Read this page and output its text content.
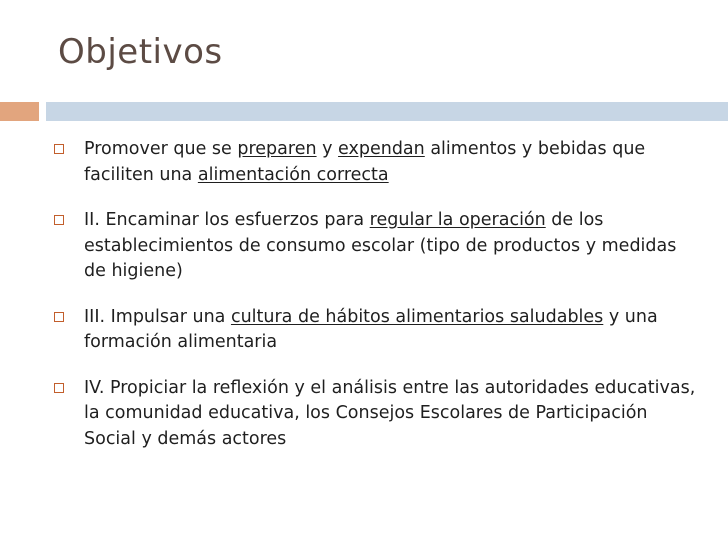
Objetivos
Promover que se preparen y expendan alimentos y bebidas que faciliten una alimentación correcta
II. Encaminar los esfuerzos para regular la operación de los establecimientos de consumo escolar (tipo de productos y medidas de higiene)
III. Impulsar una cultura de hábitos alimentarios saludables y una formación alimentaria
IV. Propiciar la reflexión y el análisis entre las autoridades educativas, la comunidad educativa, los Consejos Escolares de Participación Social y demás actores
